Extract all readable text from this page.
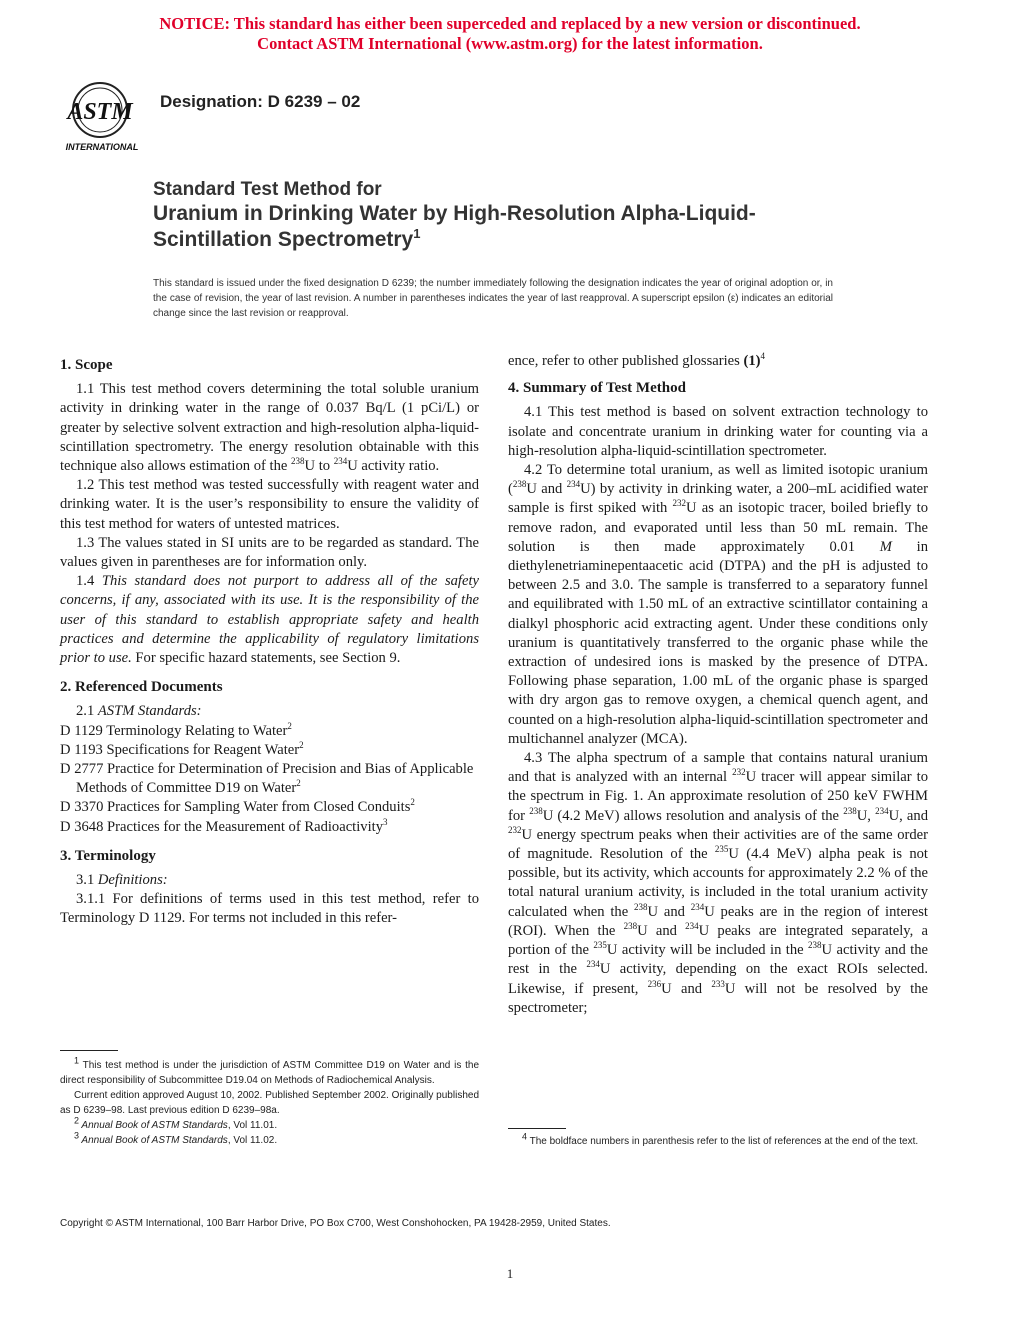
NOTICE: This standard has either been superceded and replaced by a new version or discontinued.
Contact ASTM International (www.astm.org) for the latest information.
ASTM
INTERNATIONAL
Designation: D 6239 – 02
Standard Test Method for
Uranium in Drinking Water by High-Resolution Alpha-Liquid-
Scintillation Spectrometry$^1$
This standard is issued under the fixed designation D 6239; the number immediately following the designation indicates the year of original adoption or, in the case of revision, the year of last revision. A number in parentheses indicates the year of last reapproval. A superscript epsilon (ε) indicates an editorial change since the last revision or reapproval.

1. Scope

1.1 This test method covers determining the total soluble uranium activity in drinking water in the range of 0.037 Bq/L (1 pCi/L) or greater by selective solvent extraction and high-resolution alpha-liquid-scintillation spectrometry. The energy resolution obtainable with this technique also allows estimation of the $^{238}$U to $^{234}$U activity ratio.

1.2 This test method was tested successfully with reagent water and drinking water. It is the user’s responsibility to ensure the validity of this test method for waters of untested matrices.

1.3 The values stated in SI units are to be regarded as standard. The values given in parentheses are for information only.

1.4 This standard does not purport to address all of the safety concerns, if any, associated with its use. It is the responsibility of the user of this standard to establish appropriate safety and health practices and determine the applicability of regulatory limitations prior to use. For specific hazard statements, see Section 9.

2. Referenced Documents

2.1 ASTM Standards:

D 1129 Terminology Relating to Water$^2$

D 1193 Specifications for Reagent Water$^2$

D 2777 Practice for Determination of Precision and Bias of Applicable Methods of Committee D19 on Water$^2$

D 3370 Practices for Sampling Water from Closed Conduits$^2$

D 3648 Practices for the Measurement of Radioactivity$^3$

3. Terminology

3.1 Definitions:

3.1.1 For definitions of terms used in this test method, refer to Terminology D 1129. For terms not included in this refer-

$^1$ This test method is under the jurisdiction of ASTM Committee D19 on Water and is the direct responsibility of Subcommittee D19.04 on Methods of Radiochemical Analysis.

Current edition approved August 10, 2002. Published September 2002. Originally published as D 6239–98. Last previous edition D 6239–98a.

$^2$ Annual Book of ASTM Standards, Vol 11.01.

$^3$ Annual Book of ASTM Standards, Vol 11.02.

ence, refer to other published glossaries $(1)^4$

4. Summary of Test Method

4.1 This test method is based on solvent extraction technology to isolate and concentrate uranium in drinking water for counting via a high-resolution alpha-liquid-scintillation spectrometer.

4.2 To determine total uranium, as well as limited isotopic uranium ($^{238}$U and $^{234}$U) by activity in drinking water, a 200–mL acidified water sample is first spiked with $^{232}$U as an isotopic tracer, boiled briefly to remove radon, and evaporated until less than 50 mL remain. The solution is then made approximately 0.01 M in diethylenetriaminepentaacetic acid (DTPA) and the pH is adjusted to between 2.5 and 3.0. The sample is transferred to a separatory funnel and equilibrated with 1.50 mL of an extractive scintillator containing a dialkyl phosphoric acid extracting agent. Under these conditions only uranium is quantitatively transferred to the organic phase while the extraction of undesired ions is masked by the presence of DTPA. Following phase separation, 1.00 mL of the organic phase is sparged with dry argon gas to remove oxygen, a chemical quench agent, and counted on a high-resolution alpha-liquid-scintillation spectrometer and multichannel analyzer (MCA).

4.3 The alpha spectrum of a sample that contains natural uranium and that is analyzed with an internal $^{232}$U tracer will appear similar to the spectrum in Fig. 1. An approximate resolution of 250 keV FWHM for $^{238}$U (4.2 MeV) allows resolution and analysis of the $^{238}$U, $^{234}$U, and $^{232}$U energy spectrum peaks when their activities are of the same order of magnitude. Resolution of the $^{235}$U (4.4 MeV) alpha peak is not possible, but its activity, which accounts for approximately 2.2 % of the total natural uranium activity, is included in the total uranium activity calculated when the $^{238}$U and $^{234}$U peaks are in the region of interest (ROI). When the $^{238}$U and $^{234}$U peaks are integrated separately, a portion of the $^{235}$U activity will be included in the $^{238}$U activity and the rest in the $^{234}$U activity, depending on the exact ROIs selected. Likewise, if present, $^{236}$U and $^{233}$U will not be resolved by the spectrometer;

$^4$ The boldface numbers in parenthesis refer to the list of references at the end of the text.

Copyright © ASTM International, 100 Barr Harbor Drive, PO Box C700, West Conshohocken, PA 19428-2959, United States.
1
